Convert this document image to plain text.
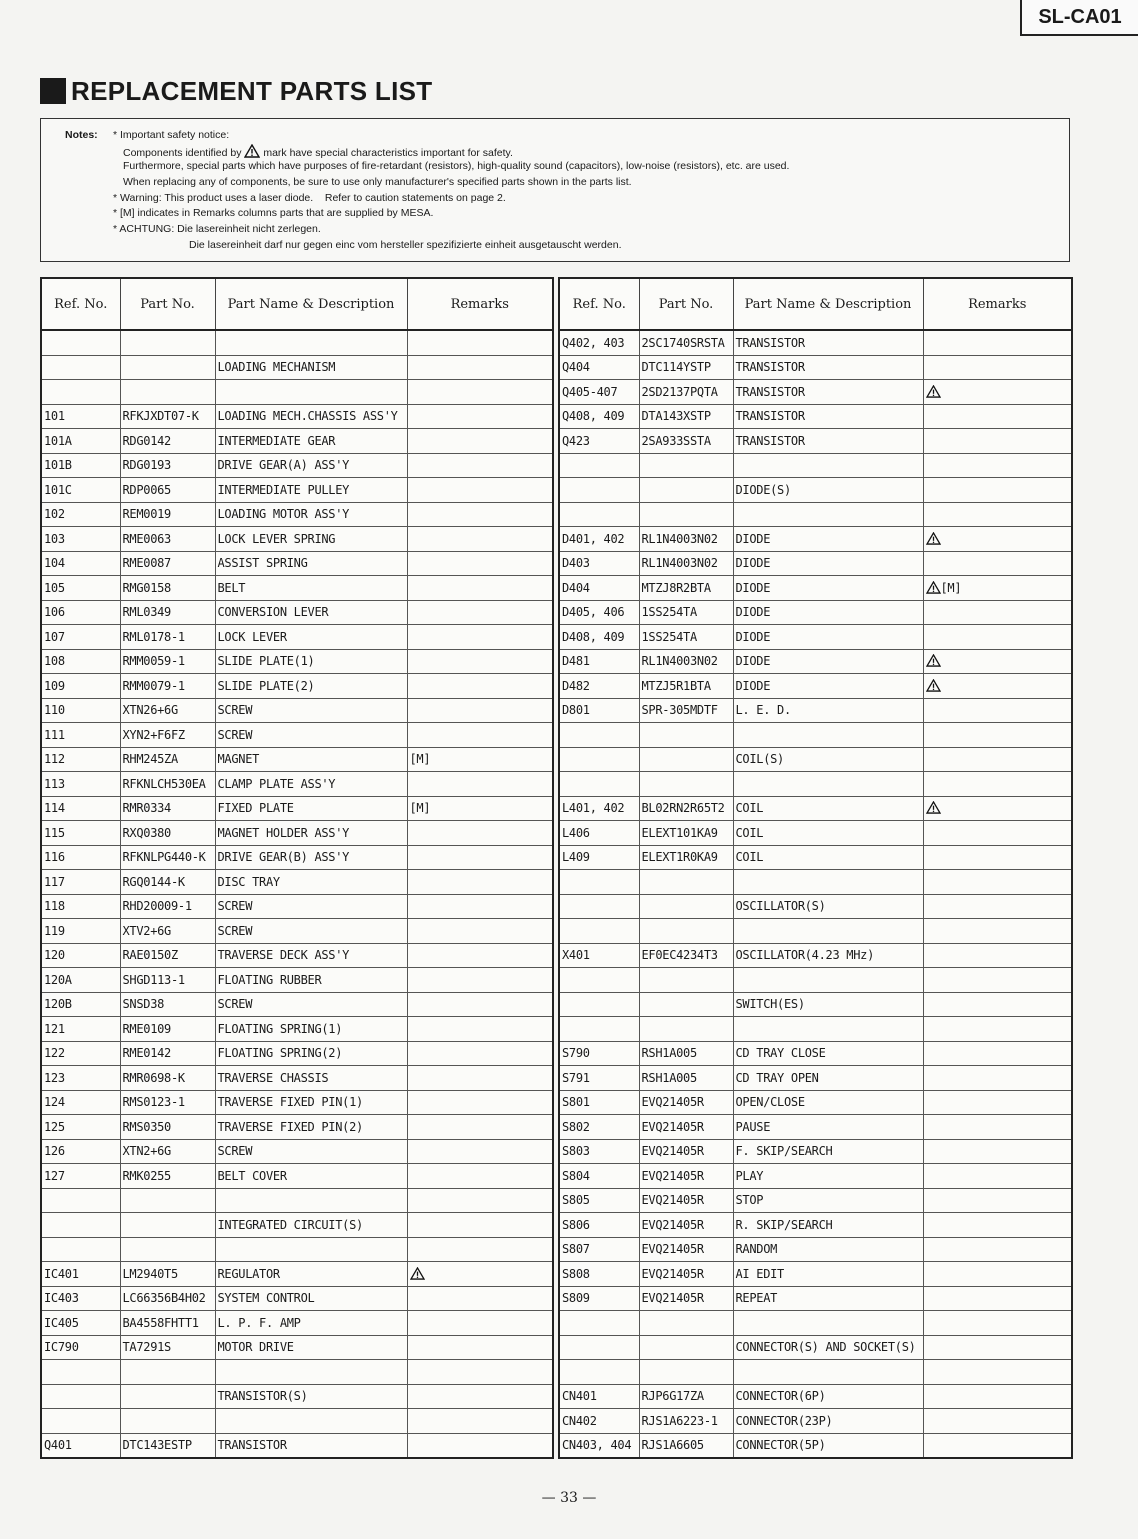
SL-CA01
REPLACEMENT PARTS LIST
Notes: * Important safety notice:
Components identified by mark have special characteristics important for safety.
Furthermore, special parts which have purposes of fire-retardant (resistors), high-quality sound (capacitors), low-noise (resistors), etc. are used.
When replacing any of components, be sure to use only manufacturer's specified parts shown in the parts list.
* Warning: This product uses a laser diode.    Refer to caution statements on page 2.
* [M] indicates in Remarks columns parts that are supplied by MESA.
* ACHTUNG: Die lasereinheit nicht zerlegen.
Die lasereinheit darf nur gegen einc vom hersteller spezifizierte einheit ausgetauscht werden.
Ref. No.	Part No.	Part Name & Description	Remarks

		LOADING MECHANISM	

101	RFKJXDT07-K	LOADING MECH.CHASSIS ASS'Y	
101A	RDG0142	INTERMEDIATE GEAR	
101B	RDG0193	DRIVE GEAR(A) ASS'Y	
101C	RDP0065	INTERMEDIATE PULLEY	
102	REM0019	LOADING MOTOR ASS'Y	
103	RME0063	LOCK LEVER SPRING	
104	RME0087	ASSIST SPRING	
105	RMG0158	BELT	
106	RML0349	CONVERSION LEVER	
107	RML0178-1	LOCK LEVER	
108	RMM0059-1	SLIDE PLATE(1)	
109	RMM0079-1	SLIDE PLATE(2)	
110	XTN26+6G	SCREW	
111	XYN2+F6FZ	SCREW	
112	RHM245ZA	MAGNET	[M]
113	RFKNLCH530EA	CLAMP PLATE ASS'Y	
114	RMR0334	FIXED PLATE	[M]
115	RXQ0380	MAGNET HOLDER ASS'Y	
116	RFKNLPG440-K	DRIVE GEAR(B) ASS'Y	
117	RGQ0144-K	DISC TRAY	
118	RHD20009-1	SCREW	
119	XTV2+6G	SCREW	
120	RAE0150Z	TRAVERSE DECK ASS'Y	
120A	SHGD113-1	FLOATING RUBBER	
120B	SNSD38	SCREW	
121	RME0109	FLOATING SPRING(1)	
122	RME0142	FLOATING SPRING(2)	
123	RMR0698-K	TRAVERSE CHASSIS	
124	RMS0123-1	TRAVERSE FIXED PIN(1)	
125	RMS0350	TRAVERSE FIXED PIN(2)	
126	XTN2+6G	SCREW	
127	RMK0255	BELT COVER	

		INTEGRATED CIRCUIT(S)	

IC401	LM2940T5	REGULATOR	
IC403	LC66356B4H02	SYSTEM CONTROL	
IC405	BA4558FHTT1	L. P. F. AMP	
IC790	TA7291S	MOTOR DRIVE	

		TRANSISTOR(S)	

Q401	DTC143ESTP	TRANSISTOR	
Ref. No.	Part No.	Part Name & Description	Remarks
Q402, 403	2SC1740SRSTA	TRANSISTOR	
Q404	DTC114YSTP	TRANSISTOR	
Q405-407	2SD2137PQTA	TRANSISTOR	
Q408, 409	DTA143XSTP	TRANSISTOR	
Q423	2SA933SSTA	TRANSISTOR	

		DIODE(S)	

D401, 402	RL1N4003N02	DIODE	
D403	RL1N4003N02	DIODE	
D404	MTZJ8R2BTA	DIODE	[M]
D405, 406	1SS254TA	DIODE	
D408, 409	1SS254TA	DIODE	
D481	RL1N4003N02	DIODE	
D482	MTZJ5R1BTA	DIODE	
D801	SPR-305MDTF	L. E. D.	

		COIL(S)	

L401, 402	BL02RN2R65T2	COIL	
L406	ELEXT101KA9	COIL	
L409	ELEXT1R0KA9	COIL	

		OSCILLATOR(S)	

X401	EF0EC4234T3	OSCILLATOR(4.23 MHz)	

		SWITCH(ES)	

S790	RSH1A005	CD TRAY CLOSE	
S791	RSH1A005	CD TRAY OPEN	
S801	EVQ21405R	OPEN/CLOSE	
S802	EVQ21405R	PAUSE	
S803	EVQ21405R	F. SKIP/SEARCH	
S804	EVQ21405R	PLAY	
S805	EVQ21405R	STOP	
S806	EVQ21405R	R. SKIP/SEARCH	
S807	EVQ21405R	RANDOM	
S808	EVQ21405R	AI EDIT	
S809	EVQ21405R	REPEAT	

		CONNECTOR(S) AND SOCKET(S)	

CN401	RJP6G17ZA	CONNECTOR(6P)	
CN402	RJS1A6223-1	CONNECTOR(23P)	
CN403, 404	RJS1A6605	CONNECTOR(5P)	
— 33 —
